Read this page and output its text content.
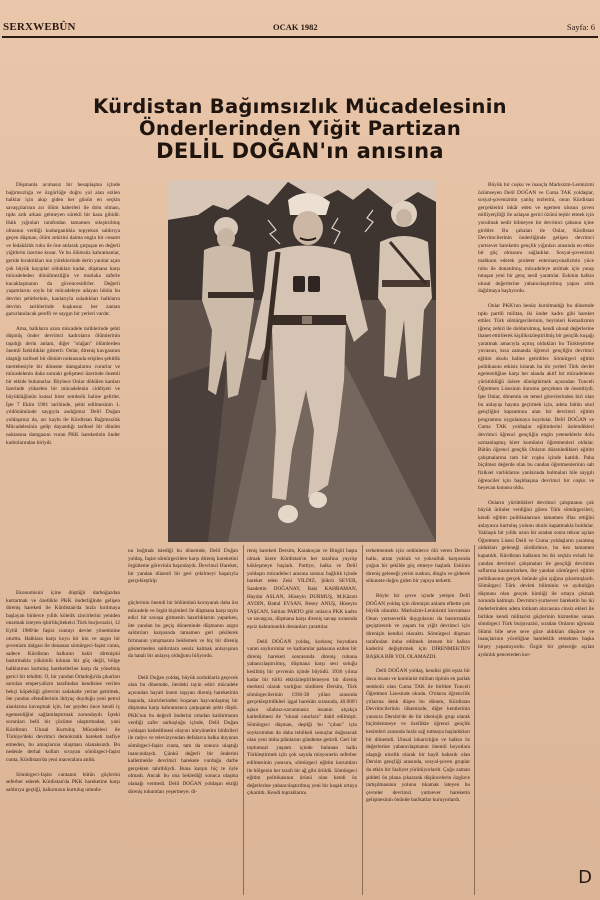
SERXWEBÛN	OCAK 1982	Sayfa: 6
Kürdistan Bağımsızlık Mücadelesinin
Önderlerinden Yiğit Partizan
DELİL DOĞAN'ın anısına

Düşmanla acımasız bir hesaplaşma içinde bağımsızlığa ve özgürlüğe doğru yol alan ezilen halklar için akıp giden her günün en seçkin savaşçılarının acı ölüm haberleri ile dolu olması, tıpkı ardı arkası gelmeyen sürekli bir kaza gibidir. Halk yığınları tarafından tamamen sıkıştırılmış olmanın verdiği kudurganlıkla topyekun saldırıya geçen düşman, ölüm zehirini daima engin bir cesaret ve fedakârlık ruhu ile öne atılarak çarpışan en değerli yiğitlerin üzerine kusar. Ve bu ölümsüz kahramanlar, geride bıraktıkları nın yüreklerinde derin yaralar açan çok büyük kayıplar oldukları kadar, düşmana karşı mücadeleden dönülmezliğin ve mutlaka zaferle kucaklaşmanın da güvencesidirler. Değerli yaşamlarını soylu bir mücadeleye adayan bütün bu devrim şehitlerinin, kanlarıyla suladıkları halkların devrim tarihlerinde kuşkusuz her zaman gururlanılacak şerefli ve saygın bir yerleri vardır.

Ama, halkların uzun mücadele tarihlerinde şehit düşmüş önder devrimci kadroların ölümlerinin taşıdığı derin anlam, diğer "olağan" ölümlerden önemli farklılıklar gösterir. Onlar, direniş kavgasının ulaştığı tarihsel bir dönüm noktasında erişilen şehitlik mertebesiyle bir döneme damgalarını vururlar ve mücadelenin daha sonraki gelişmesi üzerinde önemli bir etkide bulunurlar. Böylece Onlar dökülen kanları üzerinde yükselen bir mücadelenin ciddiyeti ve büyüklüğünün kutsal birer sembolü haline gelirler. İşte 7 Ekim 1981 tarihinde, şehit edilmesinin 1. yıldönümünde saygıyla andığımız Delil Doğan yoldaşımız da, acı kaybı ile Kürdistan Bağımsızlık Mücadelesinin gelip dayandığı tarihsel bir dönüm noktasına damgasını vuran PKK hareketinin önder kadrolarından biriydi.

Ekonomisini içine düştüğü darboğazdan kurtarmak ve özellikle PKK önderliğinde gelişen direniş hareketi ile Kürdistan'da hızla kırılmaya başlayan binlerce yıllık kölelik zincirlerini yeniden onarmak isteyen işbirlikçitekelci Türk burjuvazisi, 12 Eylül 1980'de faşist cuntayı devlet yönetimine oturttu. Halklara karşı koyu bir kin ve azgın bir şovenizm dalgası ile donanan sömürgeci-faşist cunta, sadece Kürdistan halkının haklı direnişini bastırmakla yükümlü kılınan bir güç değil, bölge halklarının kurtuluş hareketlerine karşı da yönelmiş gerici bir tehditti. O, bir yandan Ortadoğu'da çıkarları sarsılan emperyalizm tarafından kendisine verilen bekçi köpekliği görevini sadakatle yerine getirmek, öte yandan efendilerinin ihtiyaç duyduğu yeni petrol alanlarına kavuşmak için, her şeyden önce kendi iç egemenliğini sağlamlaştırmak zorundaydı. İçteki sorunları belli bir çözüme ulaştırmadan, yani Kürdistan Ulusal Kurtuluş Mücadelesi ile Türkiye'deki devrimci demokratik hareketi tasfiye etmeden, bu amaçlarına ulaşması olanaksızdı. Bu nedenle derhal kolları sıvayan sömürgeci-faşist cunta, Kürdistan'da yeni maceralara atıldı.

Sömürgeci-faşist cuntanın bütün güçlerini seferber ederek Kürdistan'da PKK hareketine karşı saldırıya geçtiği, halkımızın kurtuluş umudu-

nu boğmak istediği bu dönemde, Delil Doğan yoldaş, faşist sömürgecilere karşı direniş hareketini örgütleme görevinin başındaydı. Devrimci Hareket, bir yandan düzenli bir geri çekilmeyi başarıyla gerçekleştirip

güçlerinin önemli bir bölümünü koruyarak daha üst mücadele ve örgüt biçimleri ile düşmana karşı tayin edici bir savaşa girmenin hazırlıklarını yaparken, öte yandan bu geçiş döneminde düşmanın azgın saldırıları karşısında tamamen geri çekilerek fırtınanın yatışmasını beklemek ve hiç bir direniş göstermeden saldırılara sessiz kalmak anlayışının da hatalı bir anlayış olduğunu biliyordu.

Delil Doğan yoldaş, büyük zorluklarla geçecek olan bu dönemde, ilerdeki tayin edici mücadele açısından hayati önem taşıyan direniş hareketinin başında, zincirlerinden boşanan hayvanlaşmış bir düşmana karşı kahramanca çarpışarak şehit düştü. PKK'nın bu değerli önderini ortadan kaldırmanın verdiği zafer sarhoşluğu içinde, Delil Doğan yoldaşın katledilmesi olayını nitryönetim bildirileri ile radyo ve televizyondan defalarca halka duyuran sömürgeci-faşist cunta, tam da sonuca ulaştığı inancındaydı. Çünkü değerli bir önderini katletmekle devrimci harekete vurduğu darbe gerçekten tahribliydi. Buna karşın hiç te öyle olmadı. Ancak bu ona beklediği sonuca ulaşma olanağı vermedi. Delil DOĞAN yoldaşın ektiği direniş tohumları yeşermeye; di-

reniş hareketi Dersim, Karakoçan ve Bingöl başta olmak üzere Kürdistan'ın her tarafına yayılıp kökleşmeye başladı. Partiye, halka ve Delil yoldaşın mücadeleci anısına sonsuz bağlılık içinde hareket eden Zeki YILDIZ, Şükrü SEVER, Saadettin DOĞANAY, Baki KAHRAMAN, Haydar ASLAN, Hüseyin DURMUŞ, M.Kâzım AYDIN, Battal EVSAN, Besey ANUŞ, Hüseyin TAŞCAN, Saltian PARTO gibi onlarca PKK kadro ve savaşçısı, düşmana karşı direniş savaşı sırasında eşsiz kahramanlık destanları yarattılar.

Delil DOĞAN yoldaş, korkunç boyutlara varan soykırımlar ve katliamlar pahasına ezilen bir direniş hareketi sonrasında direniş ruhuna yabancılaştırılmış, düşmana karşı sesi soluğu kesilmiş bir çevrenin içinde büyüdü. 1936 yılına kadar bir türlü etkisizleştirilemeyen bir direniş merkezi olarak varlığını sürdüren Dersim, Türk sömürgecilerinin 1936-38 yılları arasında gerçekleştirdikleri işgal harekâtı sırasında, 40.000'i aşkın silahsız-savunmasız insanın alçakça katledilmesi ile "ulusal sınırlara" dahil edilmişti. Sömürgeci düşman, deştiği bu "çıban" için soykırımdan da daha tehlikeli sonuçlar doğuracak olan yeni imha plânlarını gündeme getirdi. Geri bir toplumsal yaşantı içinde bulunan halkı Türkleştirmek için çok sayıda misyonerin seferber edilmesinin yanısıra, sömürgeci eğitim kurumları ile bölgenin her tarafı bir ağ gibi örüldü. Sömürgeci eğitim politikasının ürünü olan kendi öz değerlerine yabancılaştırılmış yeni bir kuşak ortaya çıkarıldı. Kendi topraklarını

terketmemek için onbinlerce ölü veren Dersim halkı, artan yokluk ve yoksulluk karşısında yoğun bir şekilde göç etmeye başladı. Eskinin direniş geleneği yerini suskun, dingin ve giderek sükunete doğru giden bir yapıya terketti.

Böyle bir çevre içinde yetişen Delil DOĞAN yoldaş için direnişin anlamı elbette çok büyük olacaktı. Marksizm-Leninizmi kavraması Onun yurtseverlik duygularını da bastırmakla geçiştirecek ve yaşam bu yiğit devrimci için direnişin kendisi olacaktı. Sömürgeci düşman tarafından imha edilmek istenen bir halkın kaderini değiştirmek için DİRENMEKTEN BAŞKA BİR YOL OLAMAZDI.

Delil DOĞAN yoldaş, kendisi gibi eşsiz bir dava insanı ve komünist militan tipinin en parlak sembolü olan Cuma TAK ile birlikte Tunceli Öğretmen Lisesinde okudu. O'nların öğrencilik yıllarına denk düşen bu dönem, Kürdistan Devrimcilerinin ülkemizde, diğer kentlerinin yanısıra Dersim'de de bir ideolojik grup olarak biçimlenmeye ve özellikle öğrenci gençlik kesimleri arasında hızla sağ tutmaya başladıkları bir dönemdi. Ulusal inkarcılığın ve halkın öz değerlerine yabancılaşmanın önemli boyutlara ulaştığı nicelik olarak bir hayli kabarık olan Dersim gençliği arasında, sosyal-şoven gruplar da etkin bir faaliyet yürütüyorlardı. Çoğu zaman şiddeti ön plana çıkararak düşüncelerin özgürce tartışılmasının yolunu tıkamak isteyen bu çevreler devrimci yurtsever hareketin gelişmesinin önünde barikatlar kuruyorlardı.

Büyük bir coşku ve inançla Marksizm-Leninizmi özümseyen Delil DOĞAN ve Cuma TAK yoldaşlar, sosyal-şovenizmin yanlış tezlerini, onun Kürdistan gerçeklerini inkâr eden ve egemen ulusun şoven milliyetçiliği ile uzlaşan gerici özünü teşhir etmek için yorulmak nedir bilmeyen bir devrimci çabanın içine girdiler. Bu çabaları ile Onlar, Kürdistan Devrimcilerinin önderliğinde gelişen devrimci yurtsever hareketin gençlik yığınları arasında en etkin bir güç olmasını sağladılar. Sosyal-şovenizmi mahkum ederek proleter enternasyonalizmin yüce ruhu ile donatılmış, mücadeleye atılmak için yanıp tutuşan yeni bir genç nesil yarattılar. Eskinin halkın ulusal değerlerine yabancılaştırılmış yapısı artık dağılmaya başlıyordu.

Onlar PKK'nın henüz kurulmadığı bu dönemde tıpkı partili militan, iki önder kadro gibi hareket ettiler. Türk sömürgecilerinin, beyinleri Kemalizmin iğrenç zehiri ile doldurulmuş, kendi ulusal değerlerine ihanet ettirilerek kişiliksizleştirilmiş bir gençlik kuşağı yaratmak amacıyla açmış oldukları bu Türkleştirme yuvasını, kısa zamanda öğrenci gençliğin devrimci eğitim okulu haline getirdiler. Sömürgeci eğitim politikasını etkisiz kılarak bu tür yerleri Türk devlet egemenliğine karşı her alanda aktif bir mücadelenin yürütüldüğü üslere dönüştürmek açısından Tunceli Öğretmen Lisesinin durumu gerçekten de önemliydi. İşte Onlar, dönemin en temel görevlerinden biri olan bu anlayışı hayata geçirmek için, adeta bütün okul gençliğini kapsamına alan bir devrimci eğitim programını uygulamaya koydular. Delil DOĞAN ve Cuma TAK yoldaşlar eğitimlerini üstlendikleri devrimci öğrenci gençliğin engin yeteneklerle dolu uzmanlaşmış birer komünist öğretmenleri oldular. Bütün öğrenci gençlik Onların düzenledikleri eğitim çalışmalarına tam bir coşku içinde katıldı. Paha biçilmez değerde olan bu candan öğretmenlerinin salt fiziksel varlıklarını yanlarında bulmaları bile saygılı öğrenciler için başlıbaşına devrimci bir coşku ve heyecan konusu oldu.

Onların yürüttükleri devrimci çalışmanın çok büyük ürünler verdiğini gören Türk sömürgecileri, kendi eğitim politikalarının tamamen iflas ettiğini anlayınca kurtuluş yolunu okulu kapatmakla buldular. Yaklaşık bir yıllık uzun bir aradan sonra tekrar açılan Öğretmen Lisesi Delil ve Cuma yoldaşların yaratmış oldukları geleneği sürdürünce, bu kez tamamen kapatıldı. Kürdistan halkının bu iki seçkin evladı bir yandan devrimci çalışmaları ile gençliği devrimin saflarına kazanırlarken, öte yandan sömürgeci eğitim politikasının gerçek önünde gün ışığına çıkarmışlardı. Sömürgeci Türk devleti biliminin ve aydınlığın düşmanı olan gerçek kimliği ile ortaya çıkmak zorunda kalmıştı. Devrimci-yurtsever hareketin bu iki önderlerinden adeta intikam alırcasına cinsiz ekleri ile birlikte kendi militarist güçlerinin hizmetine sunan sömürgeci Türk burjuvazisi, sıradan Onların uğrunda ölümü bile seve seve göze aldıkları düşünce ve inançlarının yüceliğine hamleklik etmekten başka birşey yapamıyordu. Özgür bir geleceğe açılan aydınlık pencereden kor-

D
